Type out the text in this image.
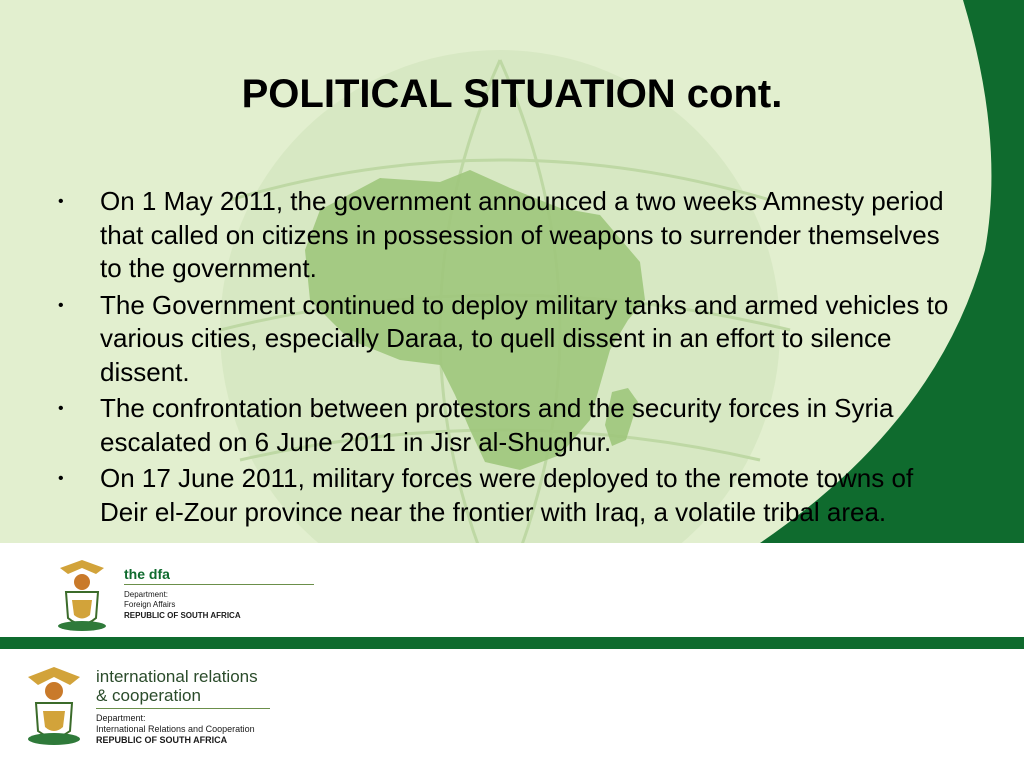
POLITICAL SITUATION cont.
• On 1 May 2011, the government announced a two weeks Amnesty period that called on citizens in possession of weapons to surrender themselves to the government.
• The Government continued to deploy military tanks and armed vehicles to various cities, especially Daraa, to quell dissent in an effort to silence dissent.
• The confrontation between protestors and the security forces in Syria escalated on 6 June 2011 in Jisr al-Shughur.
• On 17 June 2011, military forces were deployed to the remote towns of Deir el-Zour province near the frontier with Iraq, a volatile tribal area.
the dfa
Department:
Foreign Affairs
REPUBLIC OF SOUTH AFRICA
international relations
& cooperation
Department:
International Relations and Cooperation
REPUBLIC OF SOUTH AFRICA
